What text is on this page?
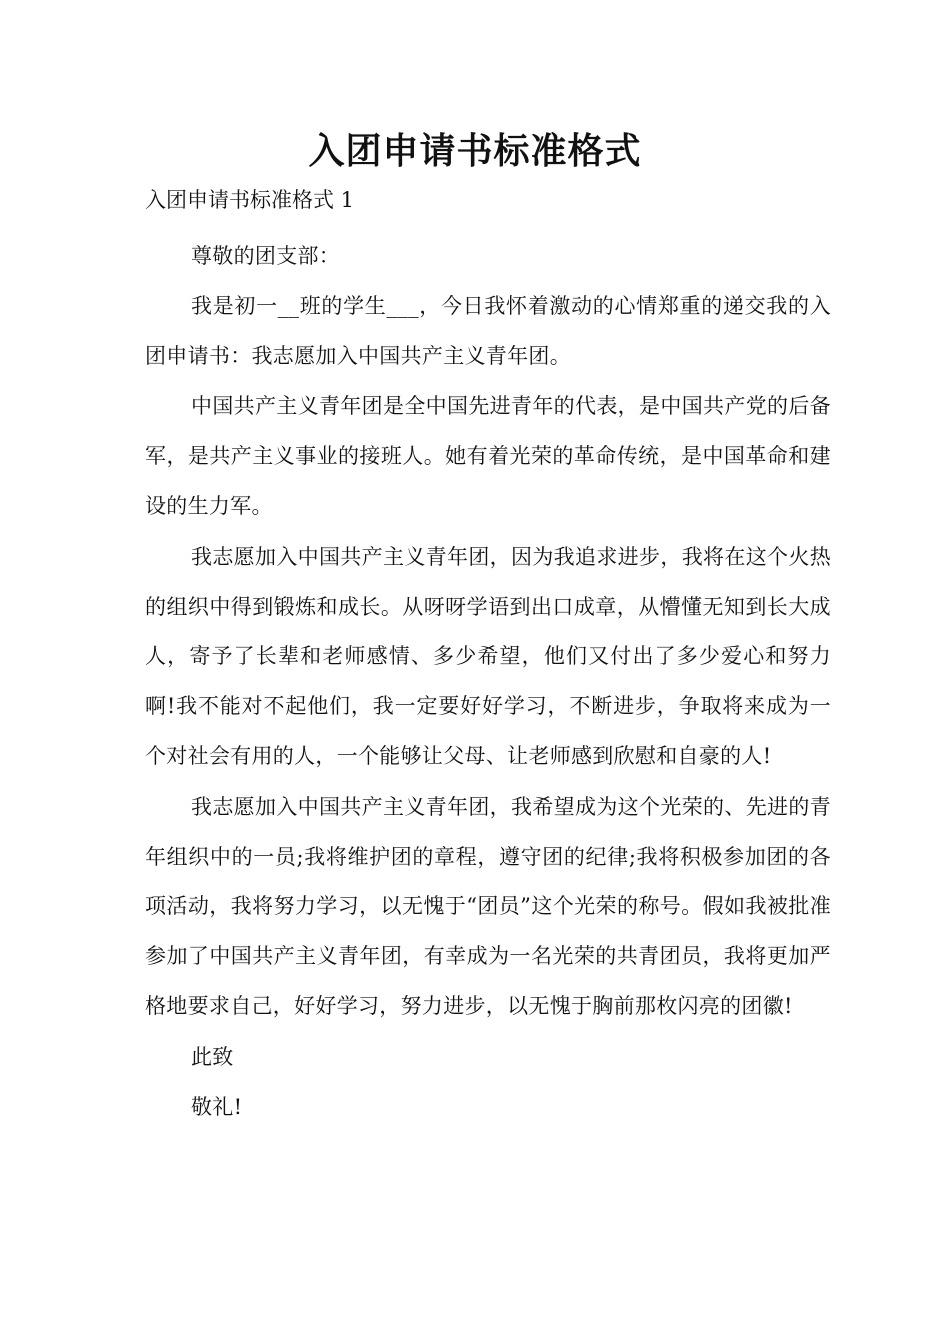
入团申请书标准格式

入团申请书标准格式 1

尊敬的团支部：

我是初一__班的学生___，今日我怀着激动的心情郑重的递交我的入团申请书：我志愿加入中国共产主义青年团。

中国共产主义青年团是全中国先进青年的代表，是中国共产党的后备军，是共产主义事业的接班人。她有着光荣的革命传统，是中国革命和建设的生力军。

我志愿加入中国共产主义青年团，因为我追求进步，我将在这个火热的组织中得到锻炼和成长。从呀呀学语到出口成章，从懵懂无知到长大成人，寄予了长辈和老师感情、多少希望，他们又付出了多少爱心和努力啊!我不能对不起他们，我一定要好好学习，不断进步，争取将来成为一个对社会有用的人，一个能够让父母、让老师感到欣慰和自豪的人!

我志愿加入中国共产主义青年团，我希望成为这个光荣的、先进的青年组织中的一员;我将维护团的章程，遵守团的纪律;我将积极参加团的各项活动，我将努力学习，以无愧于“团员”这个光荣的称号。假如我被批准参加了中国共产主义青年团，有幸成为一名光荣的共青团员，我将更加严格地要求自己，好好学习，努力进步，以无愧于胸前那枚闪亮的团徽!

此致

敬礼!
